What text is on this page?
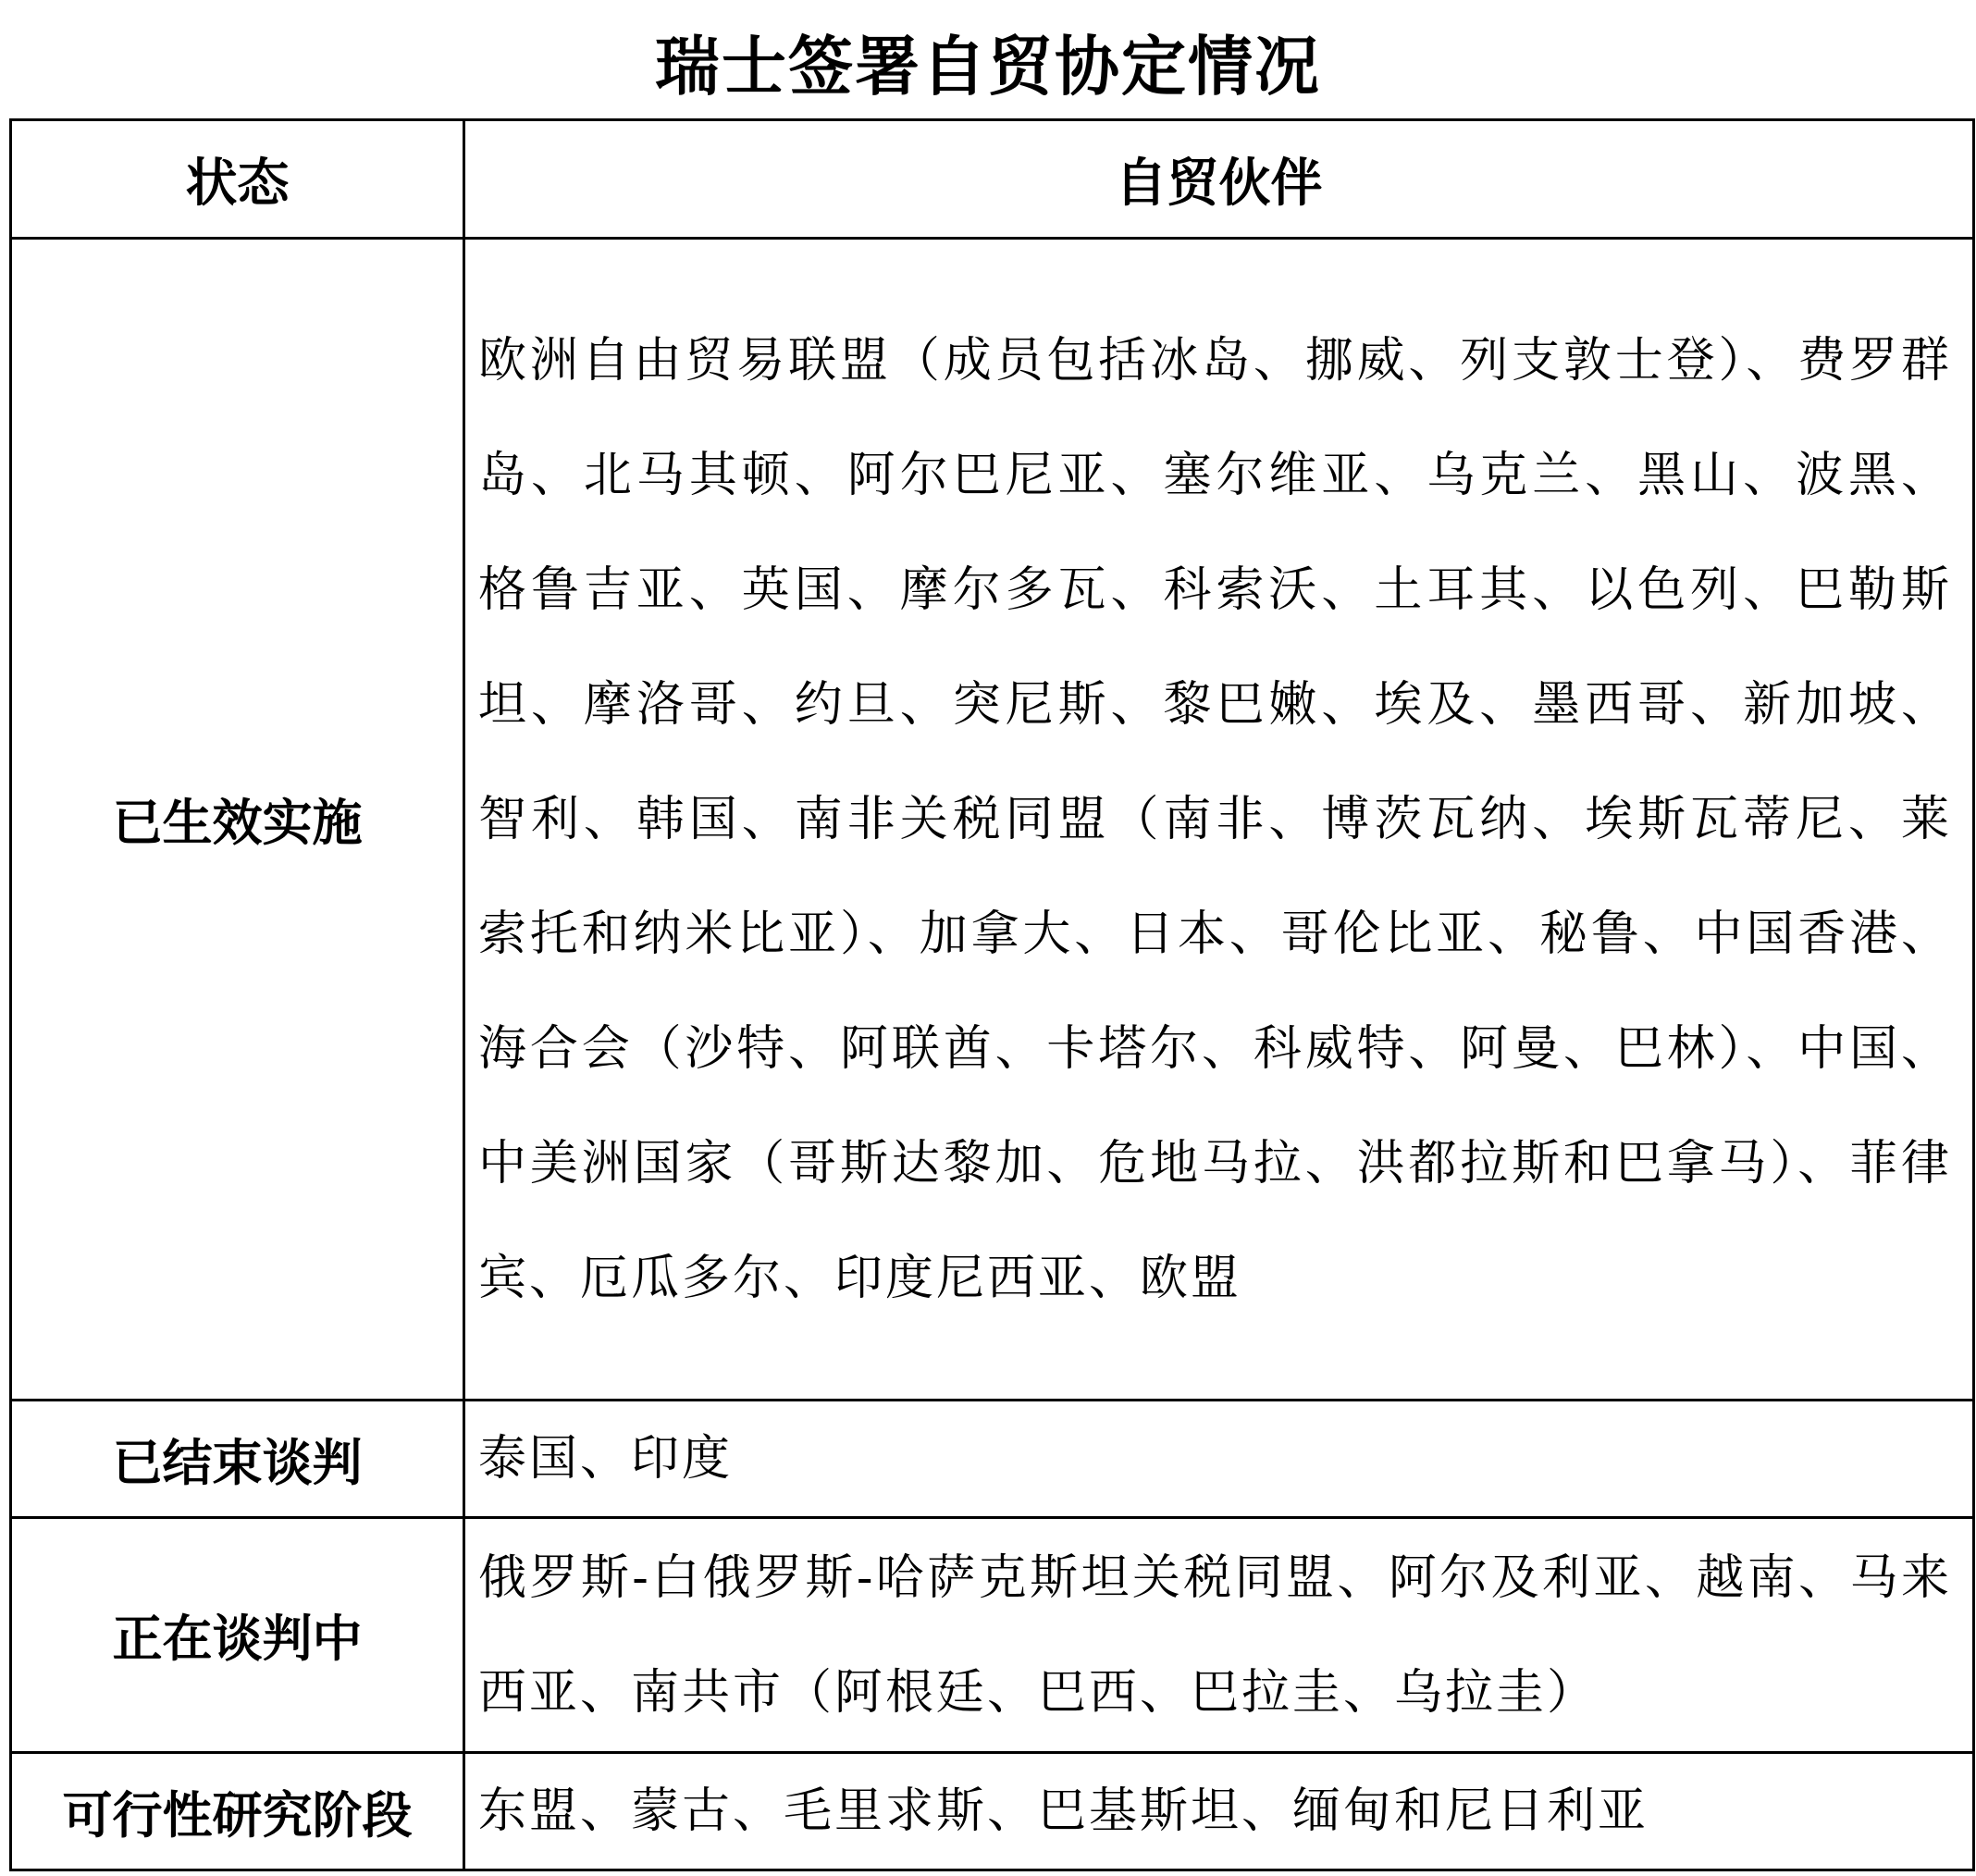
瑞士签署自贸协定情况
状态	自贸伙伴
已生效实施	欧洲自由贸易联盟（成员包括冰岛、挪威、列支敦士登）、费罗群岛、北马其顿、阿尔巴尼亚、塞尔维亚、乌克兰、黑山、波黑、格鲁吉亚、英国、摩尔多瓦、科索沃、土耳其、以色列、巴勒斯坦、摩洛哥、约旦、突尼斯、黎巴嫩、埃及、墨西哥、新加坡、智利、韩国、南非关税同盟（南非、博茨瓦纳、埃斯瓦蒂尼、莱索托和纳米比亚）、加拿大、日本、哥伦比亚、秘鲁、中国香港、海合会（沙特、阿联酋、卡塔尔、科威特、阿曼、巴林）、中国、中美洲国家（哥斯达黎加、危地马拉、洪都拉斯和巴拿马）、菲律宾、厄瓜多尔、印度尼西亚、欧盟
已结束谈判	泰国、印度
正在谈判中	俄罗斯-白俄罗斯-哈萨克斯坦关税同盟、阿尔及利亚、越南、马来西亚、南共市（阿根廷、巴西、巴拉圭、乌拉圭）
可行性研究阶段	东盟、蒙古、毛里求斯、巴基斯坦、缅甸和尼日利亚
